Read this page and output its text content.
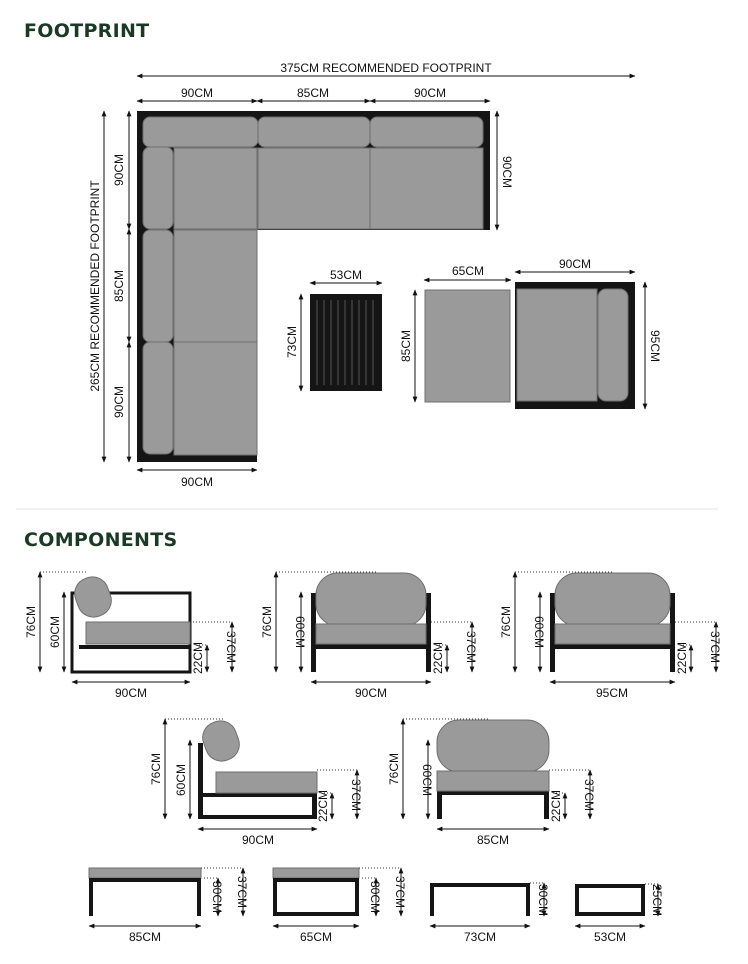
FOOTPRINT
COMPONENTS
375CM RECOMMENDED FOOTPRINT
90CM	85CM	90CM
90CM
265CM RECOMMENDED FOOTPRINT
90CM
85CM
90CM
90CM
53CM
73CM
65CM
85CM
90CM
95CM
76CM 60CM	37CM
22CM
90CM
76CM 60CM	37CM
22CM
90CM
76CM 60CM	37CM
22CM
95CM
76CM 60CM	37CM
22CM
90CM
76CM 60CM	37CM
22CM
85CM
37CM
30CM
85CM
37CM
30CM
65CM
30CM
73CM
25CM
53CM
